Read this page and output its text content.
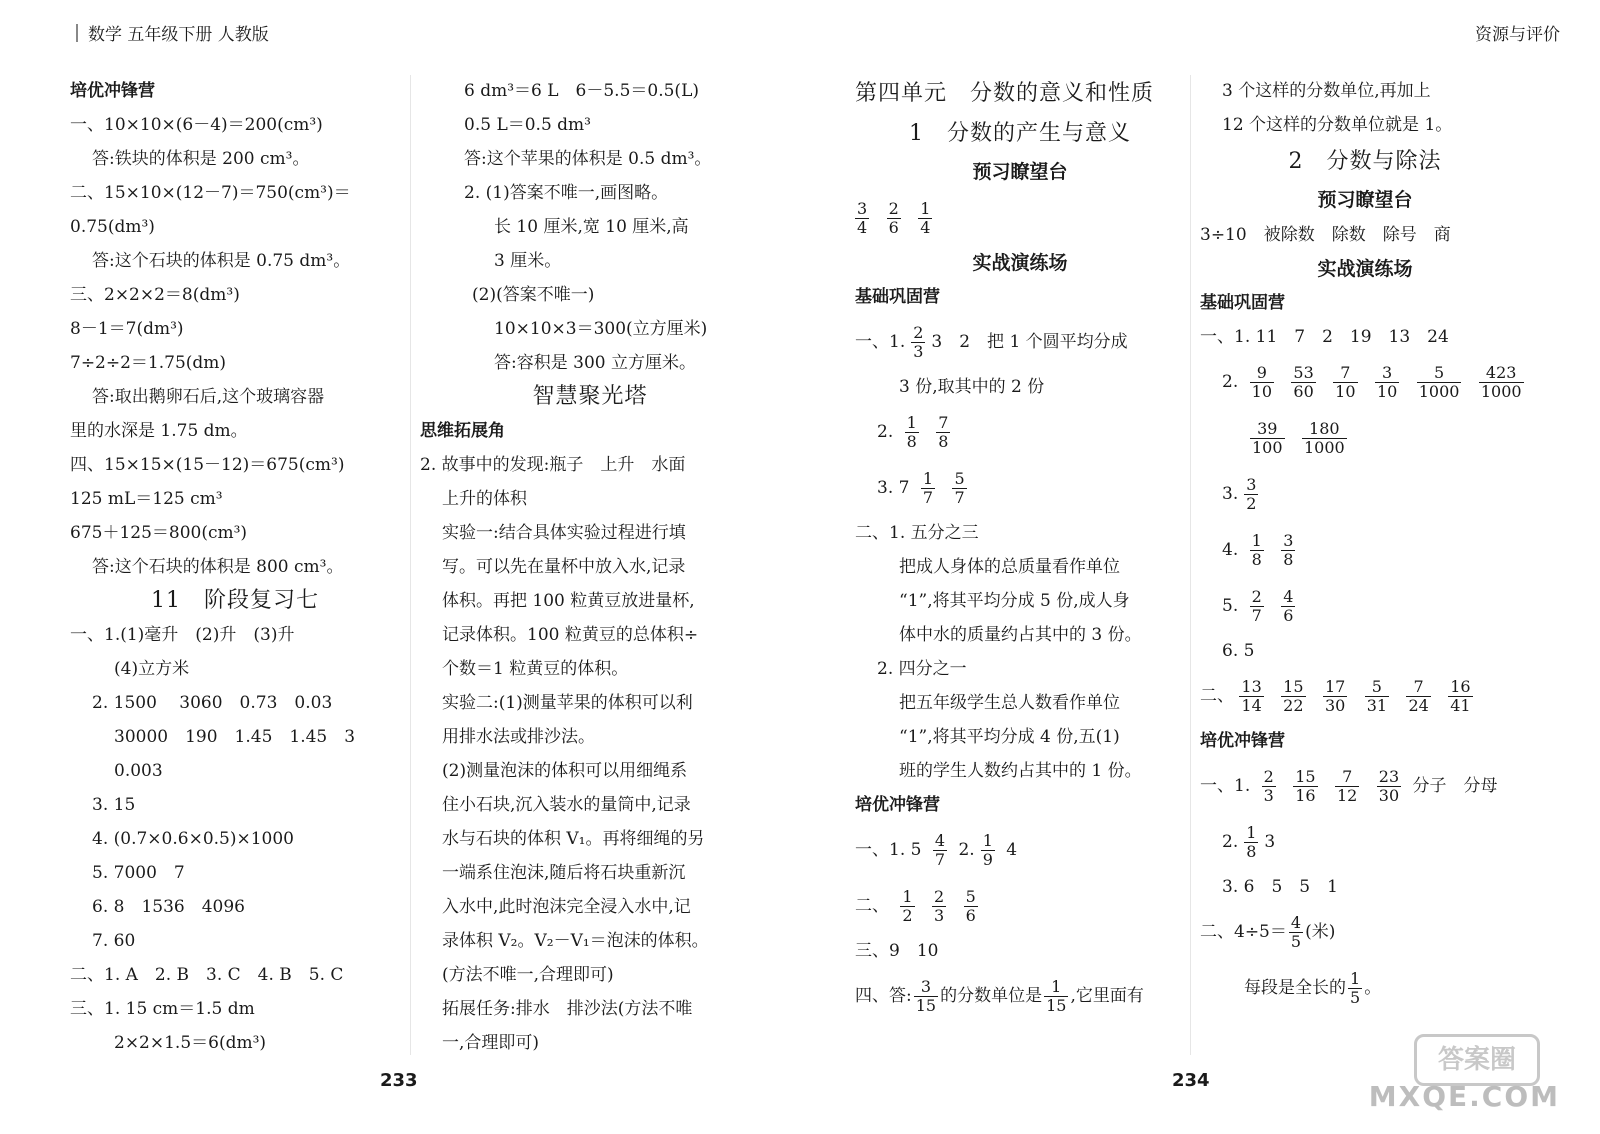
数学 五年级下册 人教版	资源与评价
培优冲锋营
一、10×10×(6－4)＝200(cm³)
答:铁块的体积是 200 cm³。
二、15×10×(12－7)＝750(cm³)＝
0.75(dm³)
答:这个石块的体积是 0.75 dm³。
三、2×2×2＝8(dm³)
8－1＝7(dm³)
7÷2÷2＝1.75(dm)
答:取出鹅卵石后,这个玻璃容器
里的水深是 1.75 dm。
四、15×15×(15－12)＝675(cm³)
125 mL＝125 cm³
675＋125＝800(cm³)
答:这个石块的体积是 800 cm³。
11　阶段复习七
一、1.(1)毫升　(2)升　(3)升
(4)立方米
2. 1500　 3060　0.73　0.03
30000　190　1.45　1.45　3
0.003
3. 15
4. (0.7×0.6×0.5)×1000
5. 7000　7
6. 8　1536　4096
7. 60
二、1. A　2. B　3. C　4. B　5. C
三、1. 15 cm＝1.5 dm
2×2×1.5＝6(dm³)
6 dm³＝6 L　6－5.5＝0.5(L)
0.5 L＝0.5 dm³
答:这个苹果的体积是 0.5 dm³。
2. (1)答案不唯一,画图略。
长 10 厘米,宽 10 厘米,高
3 厘米。
(2)(答案不唯一)
10×10×3＝300(立方厘米)
答:容积是 300 立方厘米。
智慧聚光塔
思维拓展角
2. 故事中的发现:瓶子　上升　水面
上升的体积
实验一:结合具体实验过程进行填
写。可以先在量杯中放入水,记录
体积。再把 100 粒黄豆放进量杯,
记录体积。100 粒黄豆的总体积÷
个数＝1 粒黄豆的体积。
实验二:(1)测量苹果的体积可以利
用排水法或排沙法。
(2)测量泡沫的体积可以用细绳系
住小石块,沉入装水的量筒中,记录
水与石块的体积 V₁。再将细绳的另
一端系住泡沫,随后将石块重新沉
入水中,此时泡沫完全浸入水中,记
录体积 V₂。V₂－V₁＝泡沫的体积。
(方法不唯一,合理即可)
拓展任务:排水　排沙法(方法不唯
一,合理即可)
第四单元　分数的意义和性质
1　分数的产生与意义
预习瞭望台
$\frac{3}{4}$
$\frac{2}{6}$
$\frac{1}{4}$
实战演练场
基础巩固营
一、1. $\frac{2}{3} 3$　2　把 1 个圆平均分成
3 份,取其中的 2 份
2. $\frac{1}{8}$
$\frac{7}{8}$
3. $7 \frac{1}{7}$
$\frac{5}{7}$
二、1. 五分之三
把成人身体的总质量看作单位
“1”,将其平均分成 5 份,成人身
体中水的质量约占其中的 3 份。
2. 四分之一
把五年级学生总人数看作单位
“1”,将其平均分成 4 份,五(1)
班的学生人数约占其中的 1 份。
培优冲锋营
一、1. $5 \frac{4}{7} 2$. $\frac{1}{9} 4$
二、 $\frac{1}{2}$
$\frac{2}{3}$
$\frac{5}{6}$
三、9　10
四、答: $\frac{3}{15}$ 的分数单位是 $\frac{1}{15}$ ,它里面有
3 个这样的分数单位,再加上
12 个这样的分数单位就是 1。
2　分数与除法
预习瞭望台
3÷10　被除数　除数　除号　商
实战演练场
基础巩固营
一、1. 11　7　2　19　13　24
2. $\frac{9}{10}$
$\frac{53}{60}$
$\frac{7}{10}$
$\frac{3}{10}$
$\frac{5}{1000}$
$\frac{423}{1000}$
$\frac{39}{100}$
$\frac{180}{1000}$
3. $\frac{3}{2}$
4. $\frac{1}{8}$
$\frac{3}{8}$
5. $\frac{2}{7}$
$\frac{4}{6}$
6. 5
二、 $\frac{13}{14}$
$\frac{15}{22}$
$\frac{17}{30}$
$\frac{5}{31}$
$\frac{7}{24}$
$\frac{16}{41}$
培优冲锋营
一、1. $\frac{2}{3}$
$\frac{15}{16}$
$\frac{7}{12}$
$\frac{23}{30}$ 分子　分母
2. $\frac{1}{8} 3$
3. 6　5　5　1
二、$4\div 5= \frac{4}{5}$ (米)
每段是全长的 $\frac{1}{5}$ 。
233	234
答案圈
MXQE.COM
